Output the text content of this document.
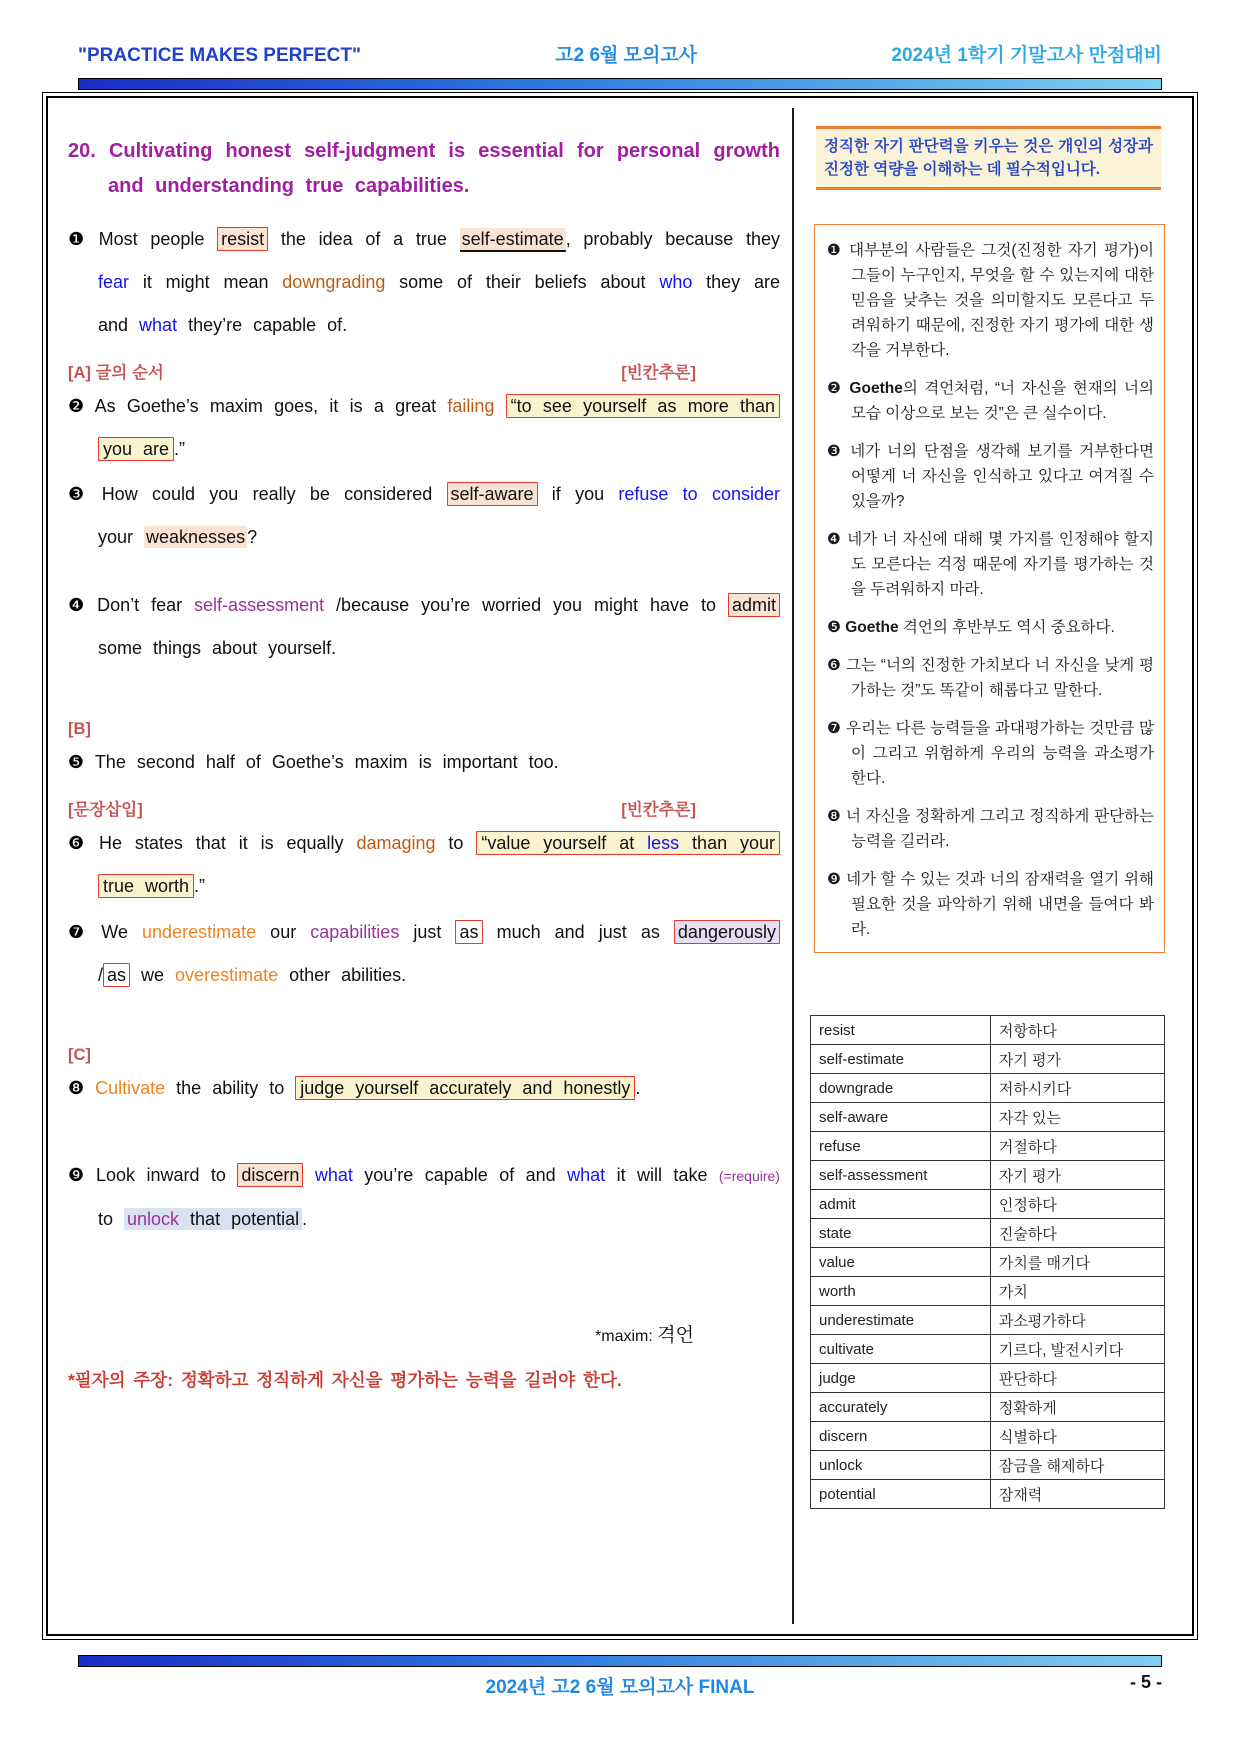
"PRACTICE MAKES PERFECT"	고2 6월 모의고사	2024년 1학기 기말고사 만점대비
20. Cultivating honest self-judgment is essential for personal growth and understanding true capabilities.

❶ Most people resist the idea of a true self-estimate , probably because they fear it might mean downgrading some of their beliefs about who they are and what they’re capable of.

[A] 글의 순서	[빈칸추론]

❷ As Goethe’s maxim goes, it is a great failing “to see yourself as more than you are .”

❸ How could you really be considered self-aware if you refuse to consider your weaknesses ?

❹ Don’t fear self-assessment /because you’re worried you might have to admit some things about yourself.

[B]

❺ The second half of Goethe’s maxim is important too.

[문장삽입]	[빈칸추론]

❻ He states that it is equally damaging to “value yourself at less than your true worth .”

❼ We underestimate our capabilities just as much and just as dangerously / as we overestimate other abilities.

[C]

❽ Cultivate the ability to judge yourself accurately and honestly .

❾ Look inward to discern what you’re capable of and what it will take (=require) to unlock that potential .

*maxim: 격언
*필자의 주장: 정확하고 정직하게 자신을 평가하는 능력을 길러야 한다.
정직한 자기 판단력을 키우는 것은 개인의 성장과 진정한 역량을 이해하는 데 필수적입니다.

❶ 대부분의 사람들은 그것(진정한 자기 평가)이 그들이 누구인지, 무엇을 할 수 있는지에 대한 믿음을 낮추는 것을 의미할지도 모른다고 두려워하기 때문에, 진정한 자기 평가에 대한 생각을 거부한다.

❷ Goethe의 격언처럼, “너 자신을 현재의 너의 모습 이상으로 보는 것”은 큰 실수이다.

❸ 네가 너의 단점을 생각해 보기를 거부한다면 어떻게 너 자신을 인식하고 있다고 여겨질 수 있을까?

❹ 네가 너 자신에 대해 몇 가지를 인정해야 할지도 모른다는 걱정 때문에 자기를 평가하는 것을 두려워하지 마라.

❺ Goethe 격언의 후반부도 역시 중요하다.

❻ 그는 “너의 진정한 가치보다 너 자신을 낮게 평가하는 것”도 똑같이 해롭다고 말한다.

❼ 우리는 다른 능력들을 과대평가하는 것만큼 많이 그리고 위험하게 우리의 능력을 과소평가한다.

❽ 너 자신을 정확하게 그리고 정직하게 판단하는 능력을 길러라.

❾ 네가 할 수 있는 것과 너의 잠재력을 열기 위해 필요한 것을 파악하기 위해 내면을 들여다 봐라.

resist	저항하다
self-estimate	자기 평가
downgrade	저하시키다
self-aware	자각 있는
refuse	거절하다
self-assessment	자기 평가
admit	인정하다
state	진술하다
value	가치를 매기다
worth	가치
underestimate	과소평가하다
cultivate	기르다, 발전시키다
judge	판단하다
accurately	정확하게
discern	식별하다
unlock	잠금을 해제하다
potential	잠재력
2024년 고2 6월 모의고사 FINAL	- 5 -
